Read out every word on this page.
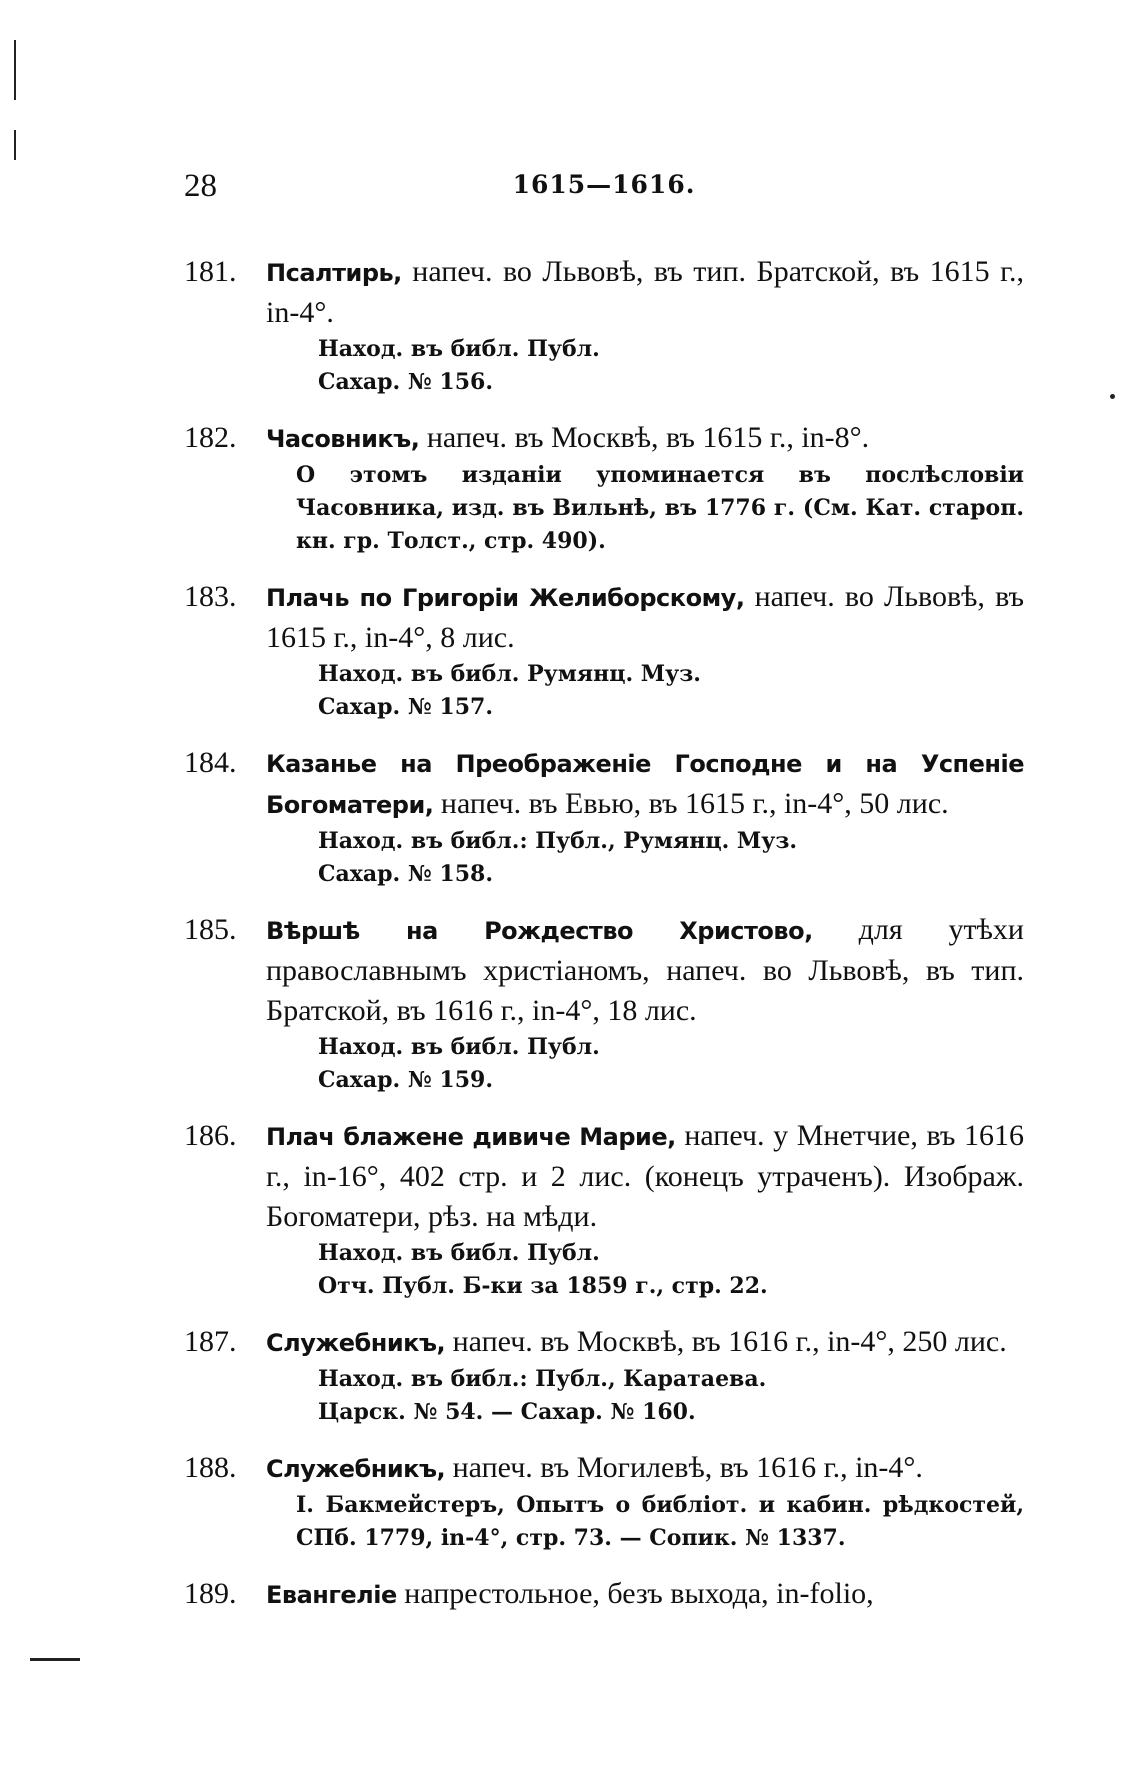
28	1615—1616.
181. Псалтирь, напеч. во Львовѣ, въ тип. Братской, въ 1615 г., in-4°.
Наход. въ библ. Публ.
Сахар. № 156.
182. Часовникъ, напеч. въ Москвѣ, въ 1615 г., in-8°.
О этомъ изданіи упоминается въ послѣсловіи Часовника, изд. въ Вильнѣ, въ 1776 г. (См. Кат. староп. кн. гр. Толст., стр. 490).
183. Плачь по Григоріи Желиборскому, напеч. во Львовѣ, въ 1615 г., in-4°, 8 лис.
Наход. въ библ. Румянц. Муз.
Сахар. № 157.
184. Казанье на Преображеніе Господне и на Успеніе Богоматери, напеч. въ Евью, въ 1615 г., in-4°, 50 лис.
Наход. въ библ.: Публ., Румянц. Муз.
Сахар. № 158.
185. Вѣршѣ на Рождество Христово, для утѣхи православнымъ христіаномъ, напеч. во Львовѣ, въ тип. Братской, въ 1616 г., in-4°, 18 лис.
Наход. въ библ. Публ.
Сахар. № 159.
186. Плач блажене дивиче Марие, напеч. у Мнетчие, въ 1616 г., in-16°, 402 стр. и 2 лис. (конецъ утраченъ). Изображ. Богоматери, рѣз. на мѣди.
Наход. въ библ. Публ.
Отч. Публ. Б-ки за 1859 г., стр. 22.
187. Служебникъ, напеч. въ Москвѣ, въ 1616 г., in-4°, 250 лис.
Наход. въ библ.: Публ., Каратаева.
Царск. № 54. — Сахар. № 160.
188. Служебникъ, напеч. въ Могилевѣ, въ 1616 г., in-4°.
І. Бакмейстеръ, Опытъ о библіот. и кабин. рѣдкостей, СПб. 1779, in-4°, стр. 73. — Сопик. № 1337.
189. Евангеліе напрестольное, безъ выхода, in-folio,
